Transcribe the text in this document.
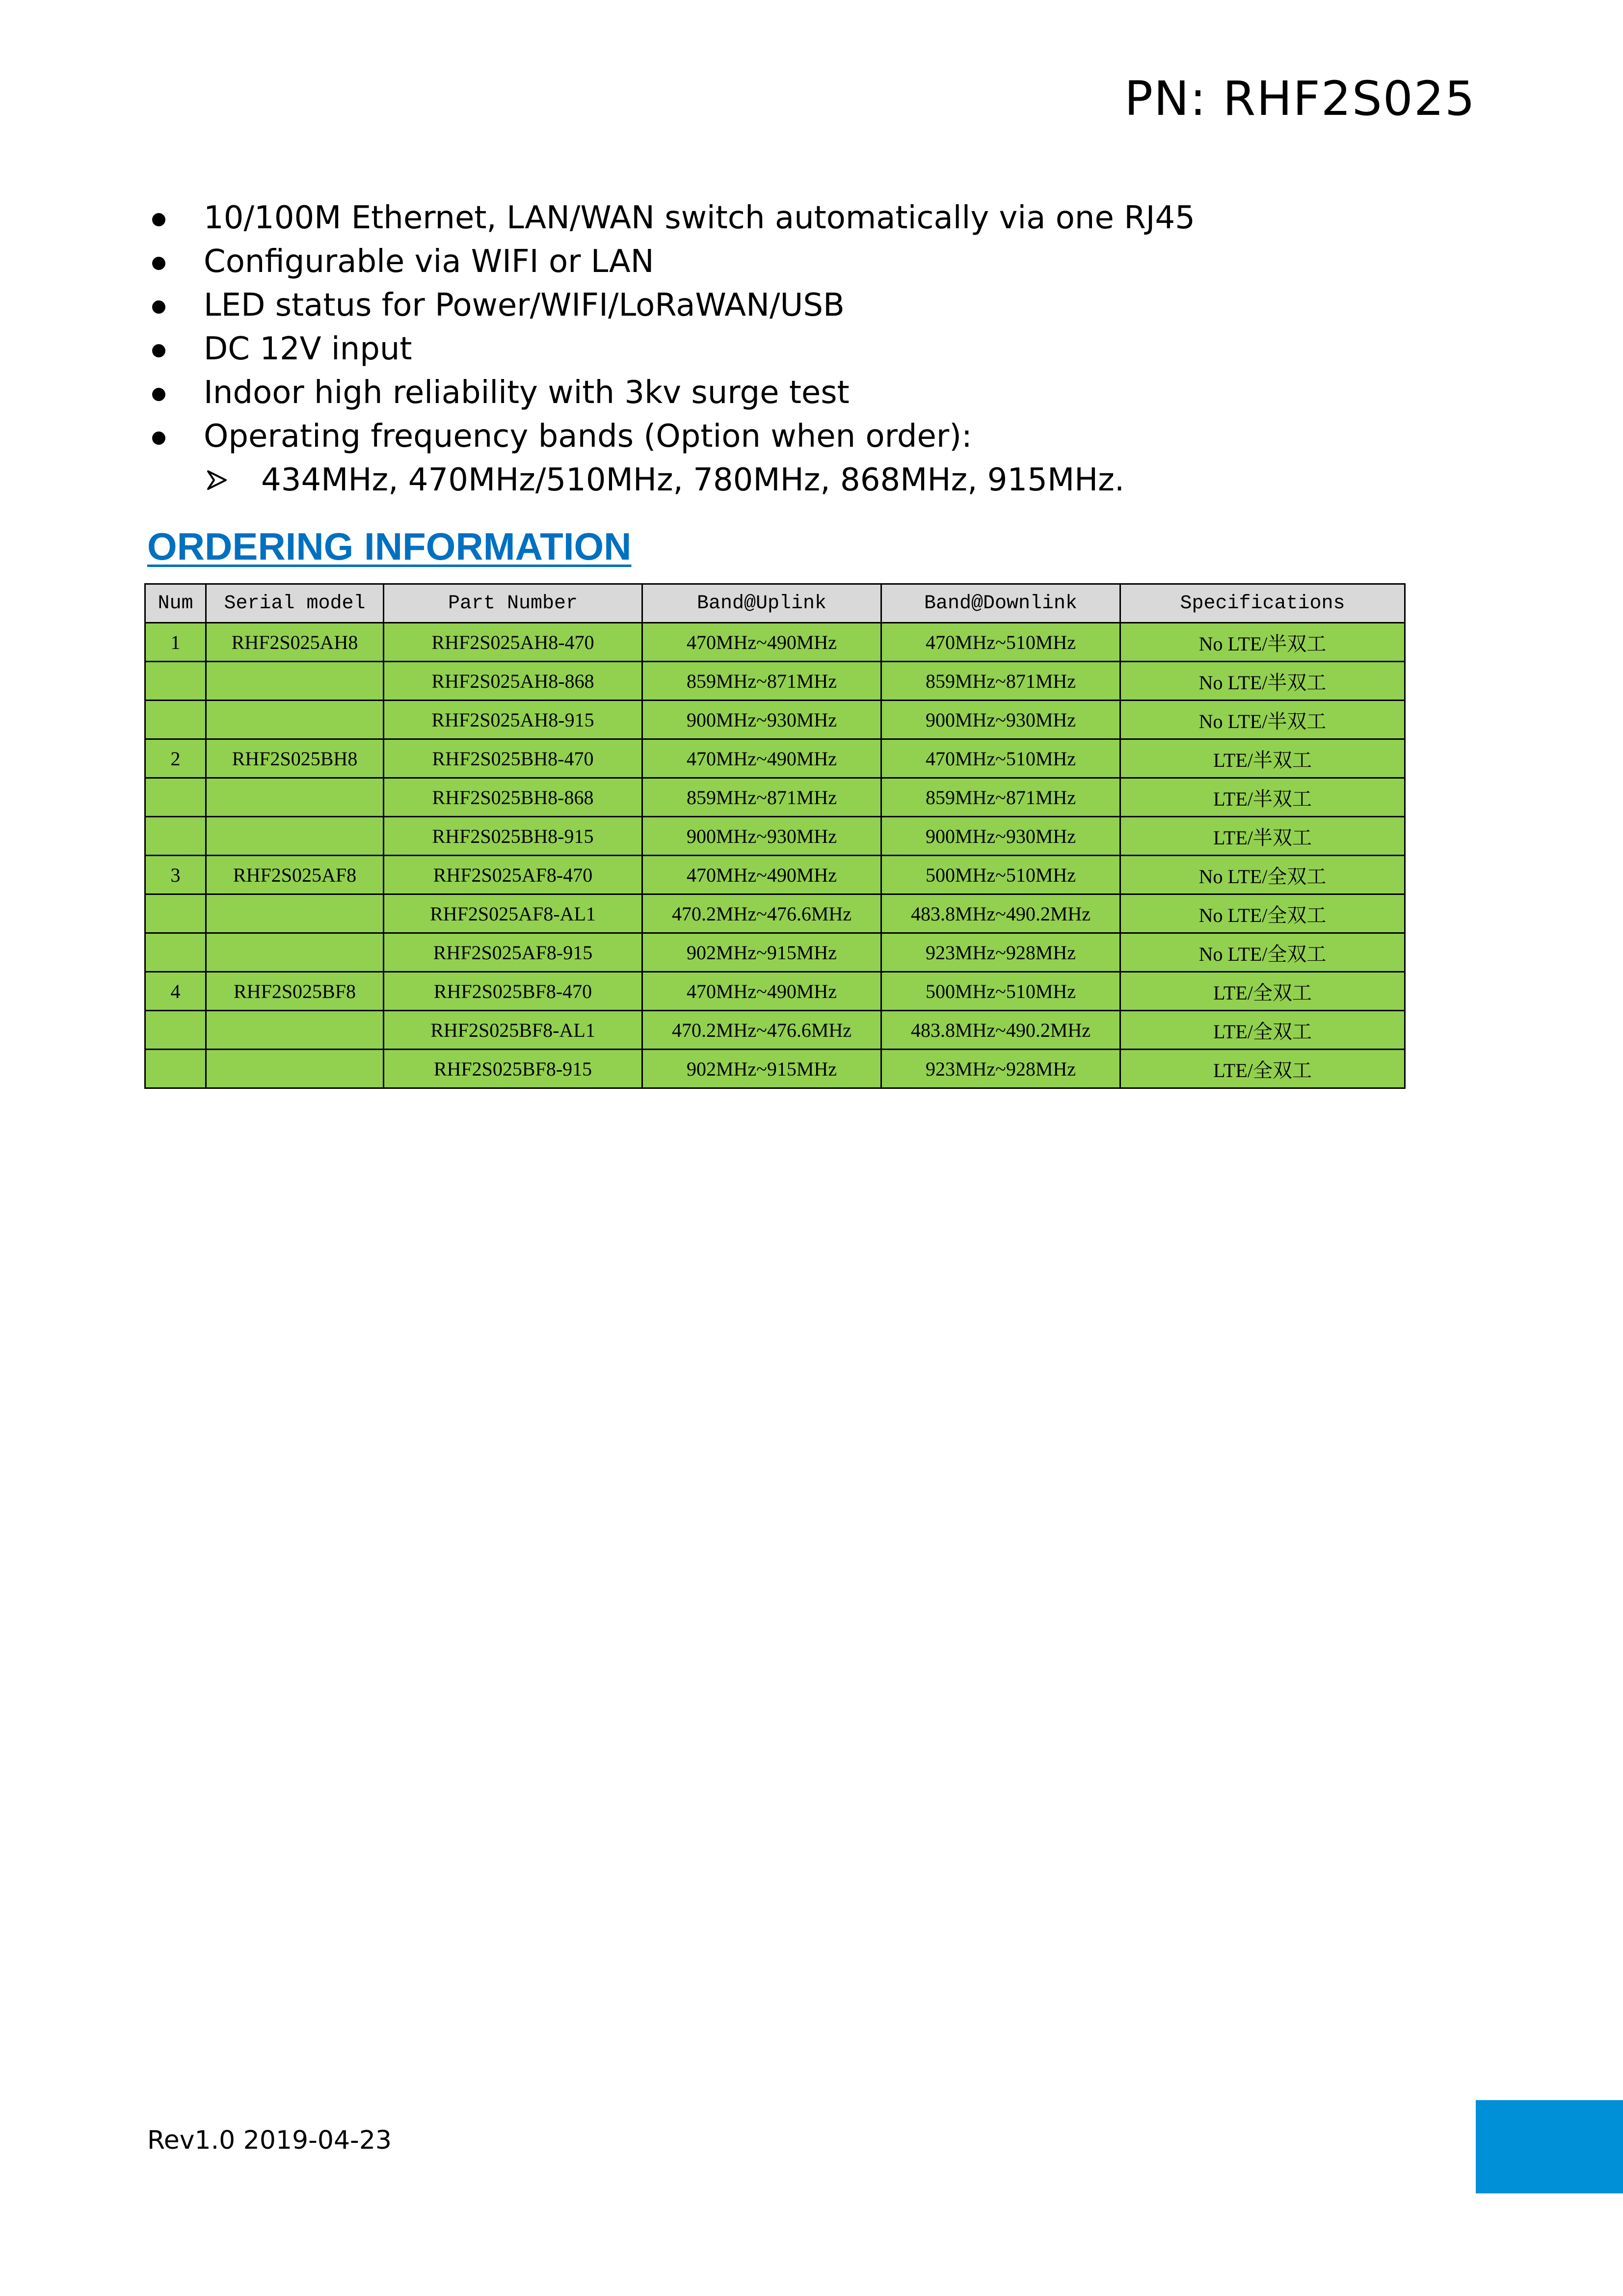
PN: RHF2S025
10/100M Ethernet, LAN/WAN switch automatically via one RJ45
Configurable via WIFI or LAN
LED status for Power/WIFI/LoRaWAN/USB
DC 12V input
Indoor high reliability with 3kv surge test
Operating frequency bands (Option when order):
434MHz, 470MHz/510MHz, 780MHz, 868MHz, 915MHz.
ORDERING INFORMATION
Num	Serial model	Part Number	Band@Uplink	Band@Downlink	Specifications
1	RHF2S025AH8	RHF2S025AH8-470	470MHz~490MHz	470MHz~510MHz	No LTE/半双工
		RHF2S025AH8-868	859MHz~871MHz	859MHz~871MHz	No LTE/半双工
		RHF2S025AH8-915	900MHz~930MHz	900MHz~930MHz	No LTE/半双工
2	RHF2S025BH8	RHF2S025BH8-470	470MHz~490MHz	470MHz~510MHz	LTE/半双工
		RHF2S025BH8-868	859MHz~871MHz	859MHz~871MHz	LTE/半双工
		RHF2S025BH8-915	900MHz~930MHz	900MHz~930MHz	LTE/半双工
3	RHF2S025AF8	RHF2S025AF8-470	470MHz~490MHz	500MHz~510MHz	No LTE/全双工
		RHF2S025AF8-AL1	470.2MHz~476.6MHz	483.8MHz~490.2MHz	No LTE/全双工
		RHF2S025AF8-915	902MHz~915MHz	923MHz~928MHz	No LTE/全双工
4	RHF2S025BF8	RHF2S025BF8-470	470MHz~490MHz	500MHz~510MHz	LTE/全双工
		RHF2S025BF8-AL1	470.2MHz~476.6MHz	483.8MHz~490.2MHz	LTE/全双工
		RHF2S025BF8-915	902MHz~915MHz	923MHz~928MHz	LTE/全双工
Rev1.0 2019-04-23
